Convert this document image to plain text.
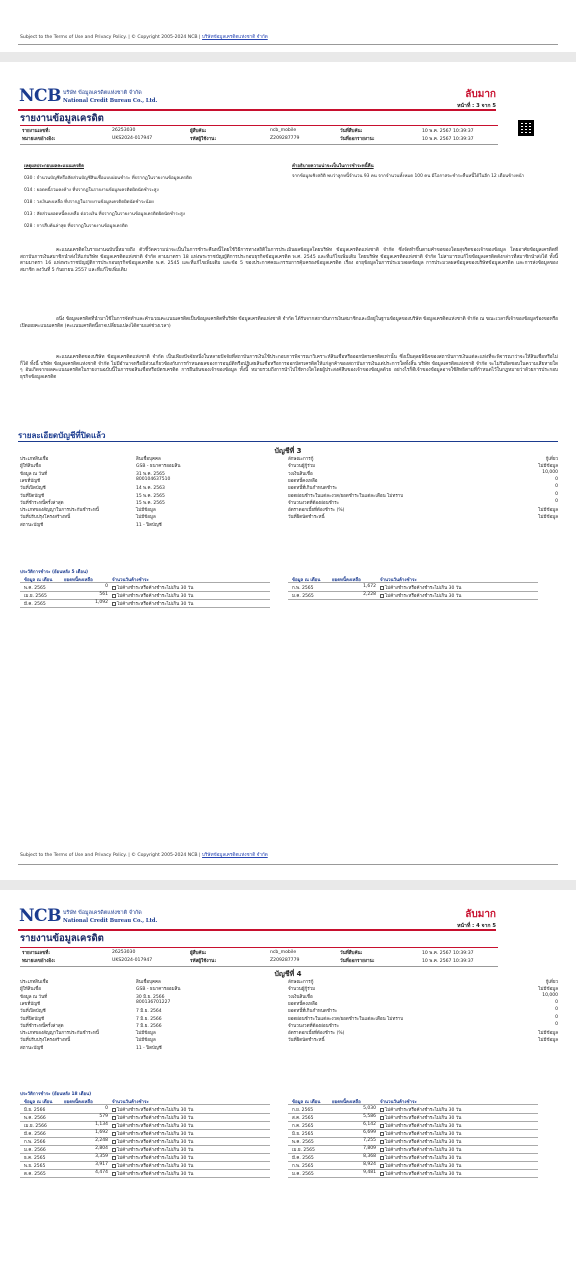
Subject to the Terms of Use and Privacy Policy. | © Copyright 2005-2024 NCB | บริษัทข้อมูลเครดิตแห่งชาติ จำกัด
NCB บริษัท ข้อมูลเครดิตแห่งชาติ จำกัด
National Credit Bureau Co., Ltd.
ลับมาก
หน้าที่ : 3 จาก 5
รายงานข้อมูลเครดิต
รายงานเลขที่:	26253030	ผู้สืบค้น:	ncb_mobile	วันที่สืบค้น:	10 พ.ค. 2567 10:39:37
หมายเลขอ้างอิง:	UKS2024-017947	รหัสผู้ใช้งาน:	Z209287779	วันที่ออกรายงาน:	10 พ.ค. 2567 10:39:37
เหตุผลประกอบผลคะแนนเครดิต
030 : จำนวนบัญชีหรือสัดส่วนบัญชีสินเชื่อแบบผ่อนชำระ ที่ปรากฏในรายงานข้อมูลเครดิต
014 : ยอดหนี้รวมคงค้าง ที่ปรากฏในรายงานข้อมูลเครดิตผิดนัดชำระสูง
018 : วงเงินคงเหลือ ที่ปรากฏในรายงานข้อมูลเครดิตผิดนัดชำระน้อย
013 : สัดส่วนยอดหนี้คงเหลือ ต่อวงเงิน ที่ปรากฏในรายงานข้อมูลเครดิตผิดนัดชำระสูง
028 : การสืบค้นล่าสุด ที่ปรากฏในรายงานข้อมูลเครดิต
คำอธิบายความน่าจะเป็นในการชำระหนี้คืน
จากข้อมูลเชิงสถิติ พบว่าลูกหนี้จำนวน 93 คน จากจำนวนทั้งหมด 100 คน มีโอกาสจะชำระคืนหนี้ได้ในอีก 12 เดือนข้างหน้า
คะแนนเครดิตในรายงานฉบับนี้หมายถึง ตัวชี้วัดความน่าจะเป็นในการชำระคืนหนี้โดยใช้วิธีการทางสถิติในการประเมินผลข้อมูลโดยบริษัท ข้อมูลเครดิตแห่งชาติ จำกัด ซึ่งจัดทำขึ้นตามคำขอของโดยสุจริตของเจ้าของข้อมูล โดยอาศัยข้อมูลเครดิตที่สถาบันการเงินสมาชิกนำส่งให้แก่บริษัท ข้อมูลเครดิตแห่งชาติ จำกัด ตามมาตรา 18 แห่งพระราชบัญญัติการประกอบธุรกิจข้อมูลเครดิต พ.ศ. 2545 และที่แก้ไขเพิ่มเติม โดยบริษัท ข้อมูลเครดิตแห่งชาติ จำกัด ไม่สามารถแก้ไขข้อมูลเครดิตดังกล่าวที่สมาชิกนำส่งได้ ทั้งนี้ ตามมาตรา 16 แห่งพระราชบัญญัติการประกอบธุรกิจข้อมูลเครดิต พ.ศ. 2545 และที่แก้ไขเพิ่มเติม และข้อ 5 ของประกาศคณะกรรมการคุ้มครองข้อมูลเครดิต เรื่อง อายุข้อมูลในการประมวลผลข้อมูล การประมวลผลข้อมูลของบริษัทข้อมูลเครดิต และการส่งข้อมูลของสมาชิก ลงวันที่ 5 กันยายน 2557 และที่แก้ไขเพิ่มเติม
อนึ่ง ข้อมูลเครดิตที่นำมาใช้ในการจัดทำและคำนวณคะแนนเครดิตเป็นข้อมูลเครดิตที่บริษัท ข้อมูลเครดิตแห่งชาติ จำกัด ได้รับจากสถาบันการเงินสมาชิกและมีอยู่ในฐานข้อมูลของบริษัท ข้อมูลเครดิตแห่งชาติ จำกัด ณ ขณะเวลาที่เจ้าของข้อมูลร้องขอหรือเปิดเผยคะแนนเครดิต (คะแนนเครดิตนี้อาจเปลี่ยนแปลงได้ตามแต่ช่วงเวลา)
คะแนนเครดิตของบริษัท ข้อมูลเครดิตแห่งชาติ จำกัด เป็นเพียงปัจจัยหนึ่งในหลายปัจจัยที่สถาบันการเงินใช้ประกอบการพิจารณาวิเคราะห์สินเชื่อหรือออกบัตรเครดิตเท่านั้น ซึ่งเป็นดุลยพินิจของสถาบันการเงินแต่ละแห่งที่จะพิจารณาว่าจะให้สินเชื่อหรือไม่ก็ได้ ทั้งนี้ บริษัท ข้อมูลเครดิตแห่งชาติ จำกัด ไม่มีอำนาจหรือมีส่วนเกี่ยวข้องกับการกำหนดผลของการอนุมัติหรือปฏิเสธสินเชื่อหรือการออกบัตรเครดิตให้แก่ลูกค้าของสถาบันการเงินแต่ประการใดทั้งสิ้น บริษัท ข้อมูลเครดิตแห่งชาติ จำกัด จะไม่รับผิดชอบในความเสียหายใด ๆ อันเกิดจากผลคะแนนเครดิตในรายงานฉบับนี้ในการขอสินเชื่อหรือบัตรเครดิต การยืนยันของเจ้าของข้อมูล ทั้งนี้ หมายรวมถึงการนำไปใช้ทางใดโดยผู้ประสงค์สืบของเจ้าของข้อมูลด้วย อย่างไรก็ดีเจ้าของข้อมูลอาจใช้สิทธิตามที่กำหนดไว้ในกฎหมายว่าด้วยการประกอบธุรกิจข้อมูลเครดิต
รายละเอียดบัญชีที่ปิดแล้ว
บัญชีที่ 3
ประเภทสินเชื่อ	สินเชื่อบุคคล	ลักษณะการกู้	กู้เดี่ยว
ผู้ให้สินเชื่อ	GSB - ธนาคารออมสิน	จำนวนผู้กู้ร่วม	ไม่มีข้อมูล
ข้อมูล ณ วันที่	31 พ.ค. 2565	วงเงินสินเชื่อ	10,000
เลขที่บัญชี	800104637510	ยอดหนี้คงเหลือ	0
วันที่เปิดบัญชี	14 พ.ค. 2563	ยอดหนี้ที่เกินกำหนดชำระ	0
วันที่ปิดบัญชี	15 พ.ค. 2565	ยอดผ่อนชำระในแต่ละงวด/ยอดชำระในแต่ละเดือน ไม่ทราบ	0
วันที่ชำระหนี้ครั้งล่าสุด	15 พ.ค. 2565	จำนวนงวดที่ต้องผ่อนชำระ	0
ประเภทของสัญญาในการประกันชำระหนี้	ไม่มีข้อมูล	อัตราดอกเบี้ยที่ต้องชำระ (%)	ไม่มีข้อมูล
วันที่ปรับปรุงโครงสร้างหนี้	ไม่มีข้อมูล	วันที่ผิดนัดชำระหนี้	ไม่มีข้อมูล
สถานะบัญชี	11 - ปิดบัญชี
ประวัติการชำระ (ย้อนหลัง 5 เดือน)
ข้อมูล ณ เดือน	ยอดหนี้คงเหลือ	จำนวนวันค้างชำระ
พ.ค. 2565	0	ไม่ค้างชำระหรือค้างชำระไม่เกิน 30 วัน
เม.ย. 2565	561	ไม่ค้างชำระหรือค้างชำระไม่เกิน 30 วัน
มี.ค. 2565	1,092	ไม่ค้างชำระหรือค้างชำระไม่เกิน 30 วัน
ข้อมูล ณ เดือน	ยอดหนี้คงเหลือ	จำนวนวันค้างชำระ
ก.พ. 2565	1,672	ไม่ค้างชำระหรือค้างชำระไม่เกิน 30 วัน
ม.ค. 2565	2,228	ไม่ค้างชำระหรือค้างชำระไม่เกิน 30 วัน
Subject to the Terms of Use and Privacy Policy. | © Copyright 2005-2024 NCB | บริษัทข้อมูลเครดิตแห่งชาติ จำกัด
NCB บริษัท ข้อมูลเครดิตแห่งชาติ จำกัด
National Credit Bureau Co., Ltd.
ลับมาก
หน้าที่ : 4 จาก 5
รายงานข้อมูลเครดิต
รายงานเลขที่:	26253030	ผู้สืบค้น:	ncb_mobile	วันที่สืบค้น:	10 พ.ค. 2567 10:39:37
หมายเลขอ้างอิง:	UKS2024-017947	รหัสผู้ใช้งาน:	Z209287779	วันที่ออกรายงาน:	10 พ.ค. 2567 10:39:37
บัญชีที่ 4
ประเภทสินเชื่อ	สินเชื่อบุคคล	ลักษณะการกู้	กู้เดี่ยว
ผู้ให้สินเชื่อ	GSB - ธนาคารออมสิน	จำนวนผู้กู้ร่วม	ไม่มีข้อมูล
ข้อมูล ณ วันที่	30 มิ.ย. 2566	วงเงินสินเชื่อ	10,000
เลขที่บัญชี	800136701227	ยอดหนี้คงเหลือ	0
วันที่เปิดบัญชี	7 มิ.ย. 2564	ยอดหนี้ที่เกินกำหนดชำระ	0
วันที่ปิดบัญชี	7 มิ.ย. 2566	ยอดผ่อนชำระในแต่ละงวด/ยอดชำระในแต่ละเดือน ไม่ทราบ	0
วันที่ชำระหนี้ครั้งล่าสุด	7 มิ.ย. 2566	จำนวนงวดที่ต้องผ่อนชำระ	0
ประเภทของสัญญาในการประกันชำระหนี้	ไม่มีข้อมูล	อัตราดอกเบี้ยที่ต้องชำระ (%)	ไม่มีข้อมูล
วันที่ปรับปรุงโครงสร้างหนี้	ไม่มีข้อมูล	วันที่ผิดนัดชำระหนี้	ไม่มีข้อมูล
สถานะบัญชี	11 - ปิดบัญชี
ประวัติการชำระ (ย้อนหลัง 18 เดือน)
ข้อมูล ณ เดือน	ยอดหนี้คงเหลือ	จำนวนวันค้างชำระ
มิ.ย. 2566	0	ไม่ค้างชำระหรือค้างชำระไม่เกิน 30 วัน
พ.ค. 2566	579	ไม่ค้างชำระหรือค้างชำระไม่เกิน 30 วัน
เม.ย. 2566	1,134	ไม่ค้างชำระหรือค้างชำระไม่เกิน 30 วัน
มี.ค. 2566	1,692	ไม่ค้างชำระหรือค้างชำระไม่เกิน 30 วัน
ก.พ. 2566	2,248	ไม่ค้างชำระหรือค้างชำระไม่เกิน 30 วัน
ม.ค. 2566	2,804	ไม่ค้างชำระหรือค้างชำระไม่เกิน 30 วัน
ธ.ค. 2565	3,359	ไม่ค้างชำระหรือค้างชำระไม่เกิน 30 วัน
พ.ย. 2565	3,917	ไม่ค้างชำระหรือค้างชำระไม่เกิน 30 วัน
ต.ค. 2565	4,474	ไม่ค้างชำระหรือค้างชำระไม่เกิน 30 วัน
ข้อมูล ณ เดือน	ยอดหนี้คงเหลือ	จำนวนวันค้างชำระ
ก.ย. 2565	5,030	ไม่ค้างชำระหรือค้างชำระไม่เกิน 30 วัน
ส.ค. 2565	5,586	ไม่ค้างชำระหรือค้างชำระไม่เกิน 30 วัน
ก.ค. 2565	6,142	ไม่ค้างชำระหรือค้างชำระไม่เกิน 30 วัน
มิ.ย. 2565	6,699	ไม่ค้างชำระหรือค้างชำระไม่เกิน 30 วัน
พ.ค. 2565	7,255	ไม่ค้างชำระหรือค้างชำระไม่เกิน 30 วัน
เม.ย. 2565	7,809	ไม่ค้างชำระหรือค้างชำระไม่เกิน 30 วัน
มี.ค. 2565	8,368	ไม่ค้างชำระหรือค้างชำระไม่เกิน 30 วัน
ก.พ. 2565	8,924	ไม่ค้างชำระหรือค้างชำระไม่เกิน 30 วัน
ม.ค. 2565	9,481	ไม่ค้างชำระหรือค้างชำระไม่เกิน 30 วัน
